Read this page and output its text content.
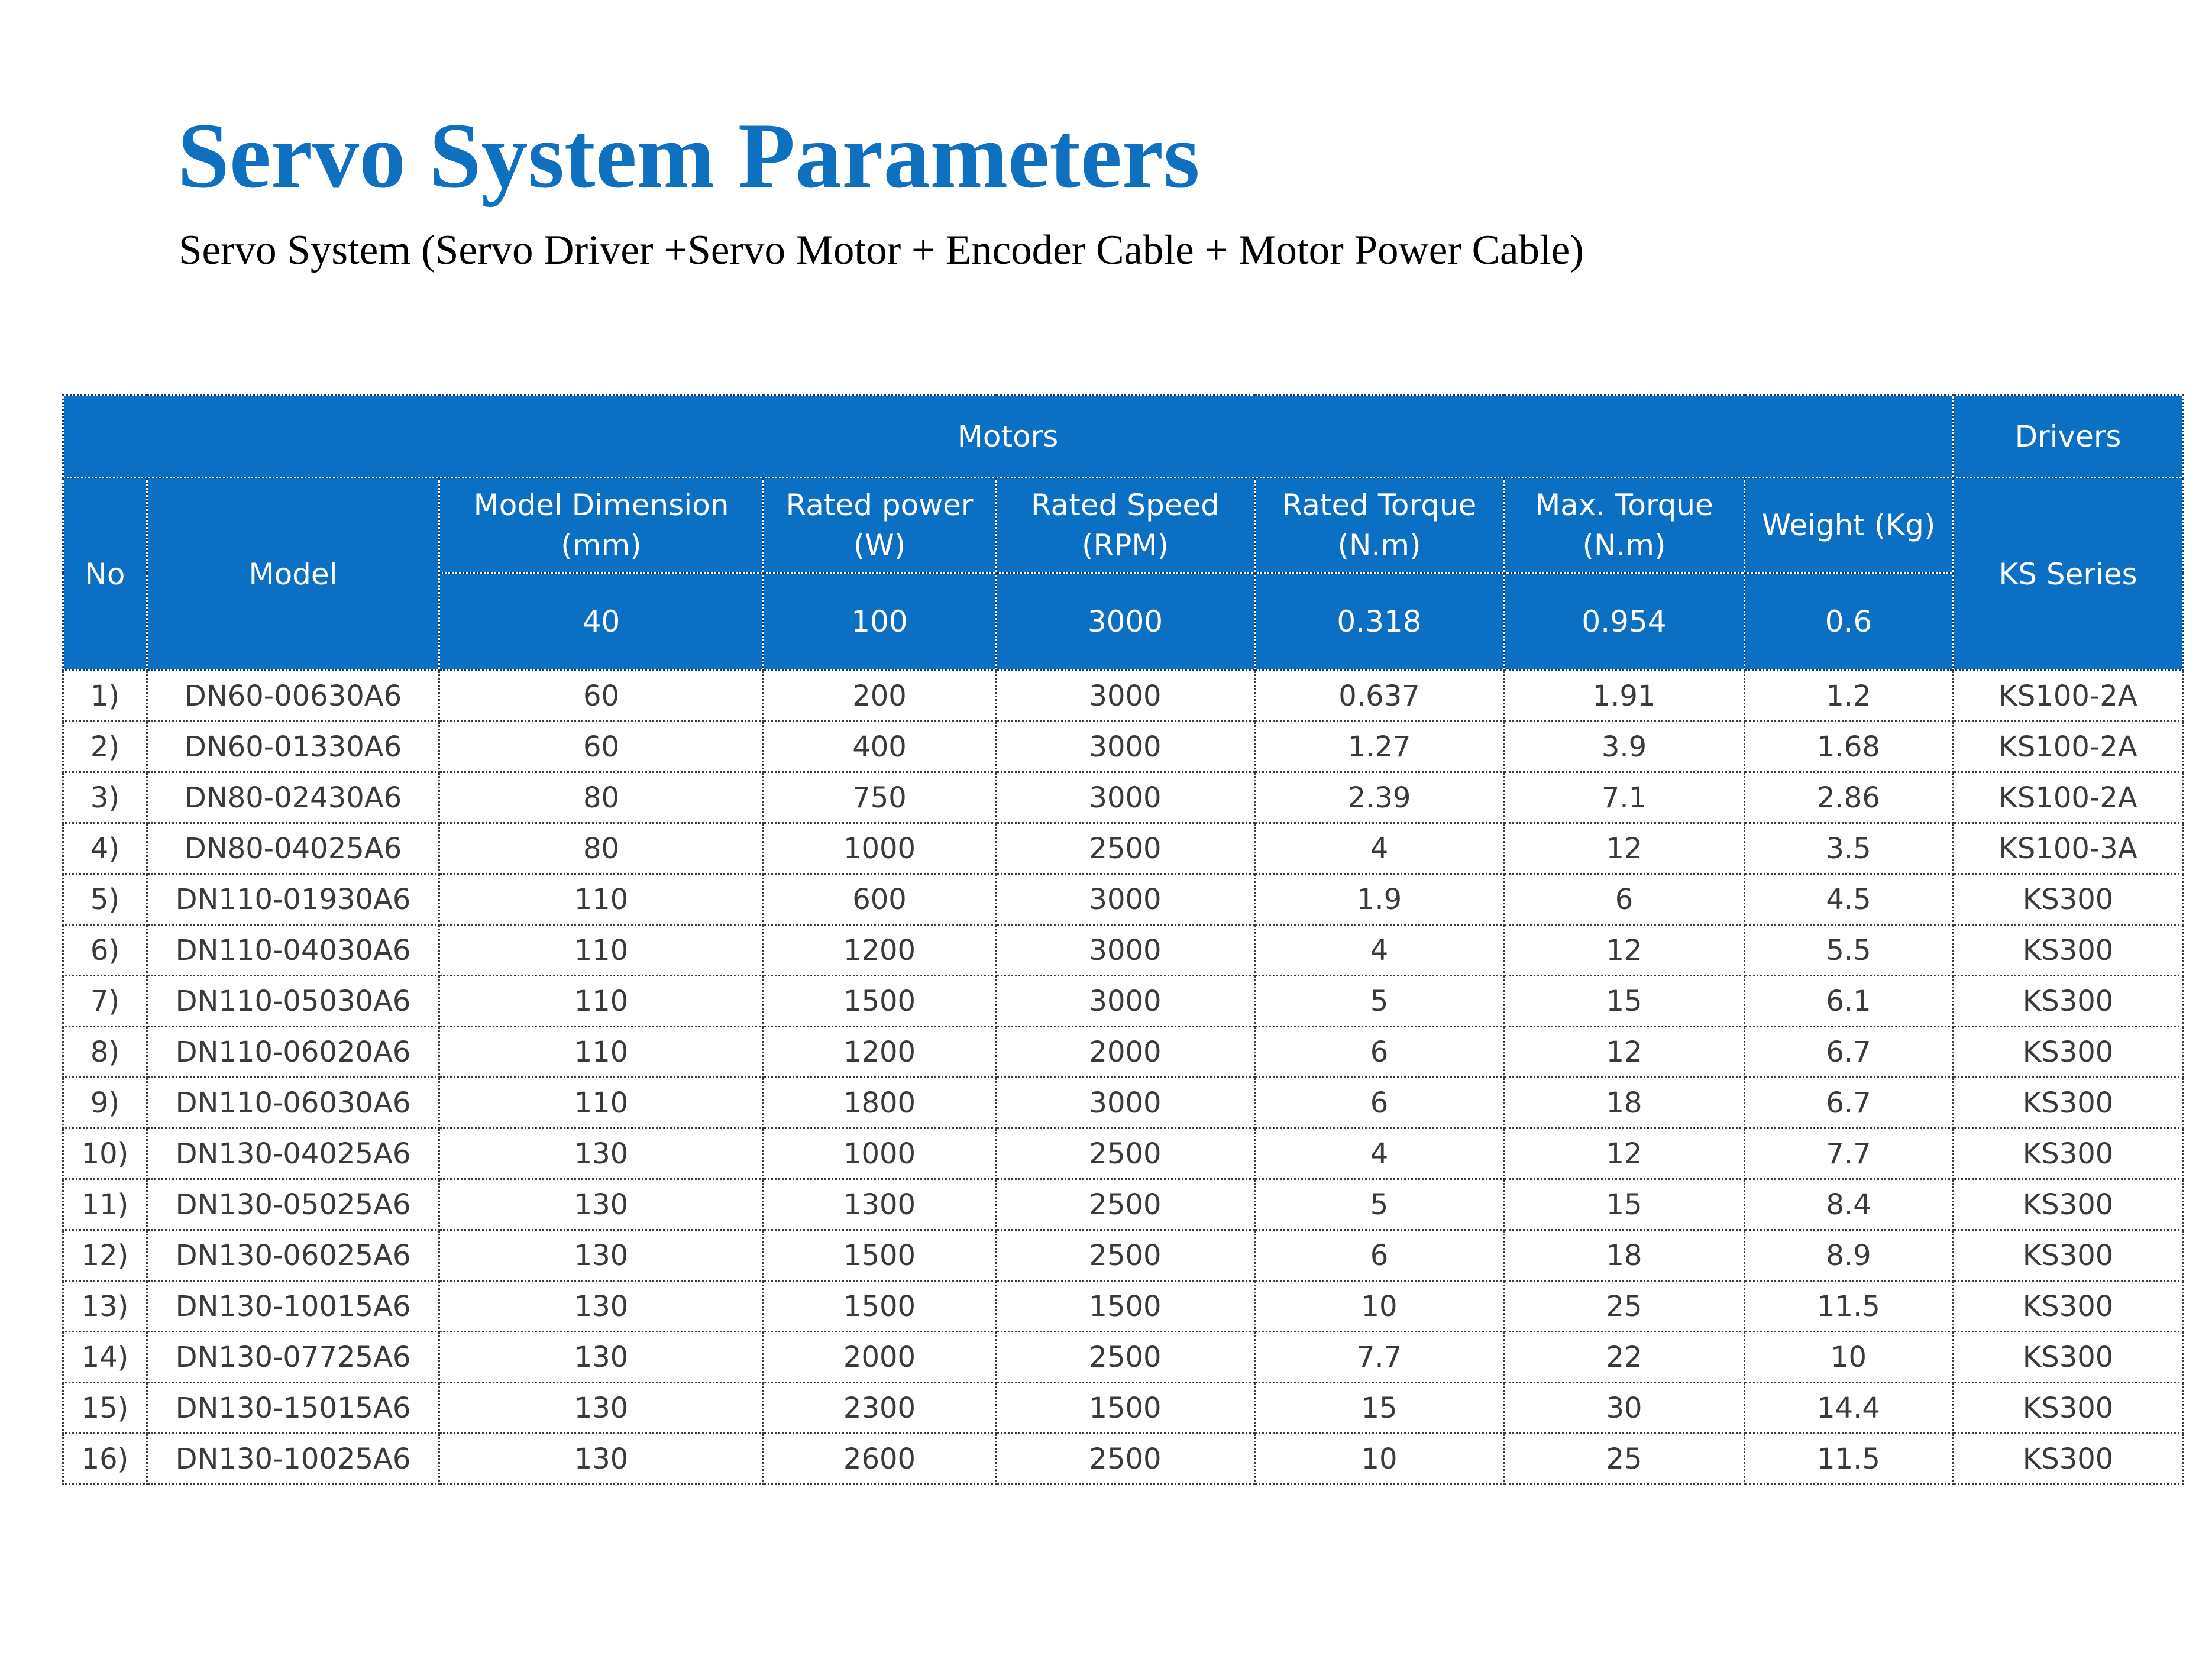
Servo System Parameters

Servo System (Servo Driver +Servo Motor + Encoder Cable + Motor Power Cable)

Motors								Drivers
No	Model	Model Dimension (mm)	Rated power (W)	Rated Speed (RPM)	Rated Torque (N.m)	Max. Torque (N.m)	Weight (Kg)	KS Series
		40	100	3000	0.318	0.954	0.6	
1)	DN60-00630A6	60	200	3000	0.637	1.91	1.2	KS100-2A
2)	DN60-01330A6	60	400	3000	1.27	3.9	1.68	KS100-2A
3)	DN80-02430A6	80	750	3000	2.39	7.1	2.86	KS100-2A
4)	DN80-04025A6	80	1000	2500	4	12	3.5	KS100-3A
5)	DN110-01930A6	110	600	3000	1.9	6	4.5	KS300
6)	DN110-04030A6	110	1200	3000	4	12	5.5	KS300
7)	DN110-05030A6	110	1500	3000	5	15	6.1	KS300
8)	DN110-06020A6	110	1200	2000	6	12	6.7	KS300
9)	DN110-06030A6	110	1800	3000	6	18	6.7	KS300
10)	DN130-04025A6	130	1000	2500	4	12	7.7	KS300
11)	DN130-05025A6	130	1300	2500	5	15	8.4	KS300
12)	DN130-06025A6	130	1500	2500	6	18	8.9	KS300
13)	DN130-10015A6	130	1500	1500	10	25	11.5	KS300
14)	DN130-07725A6	130	2000	2500	7.7	22	10	KS300
15)	DN130-15015A6	130	2300	1500	15	30	14.4	KS300
16)	DN130-10025A6	130	2600	2500	10	25	11.5	KS300
